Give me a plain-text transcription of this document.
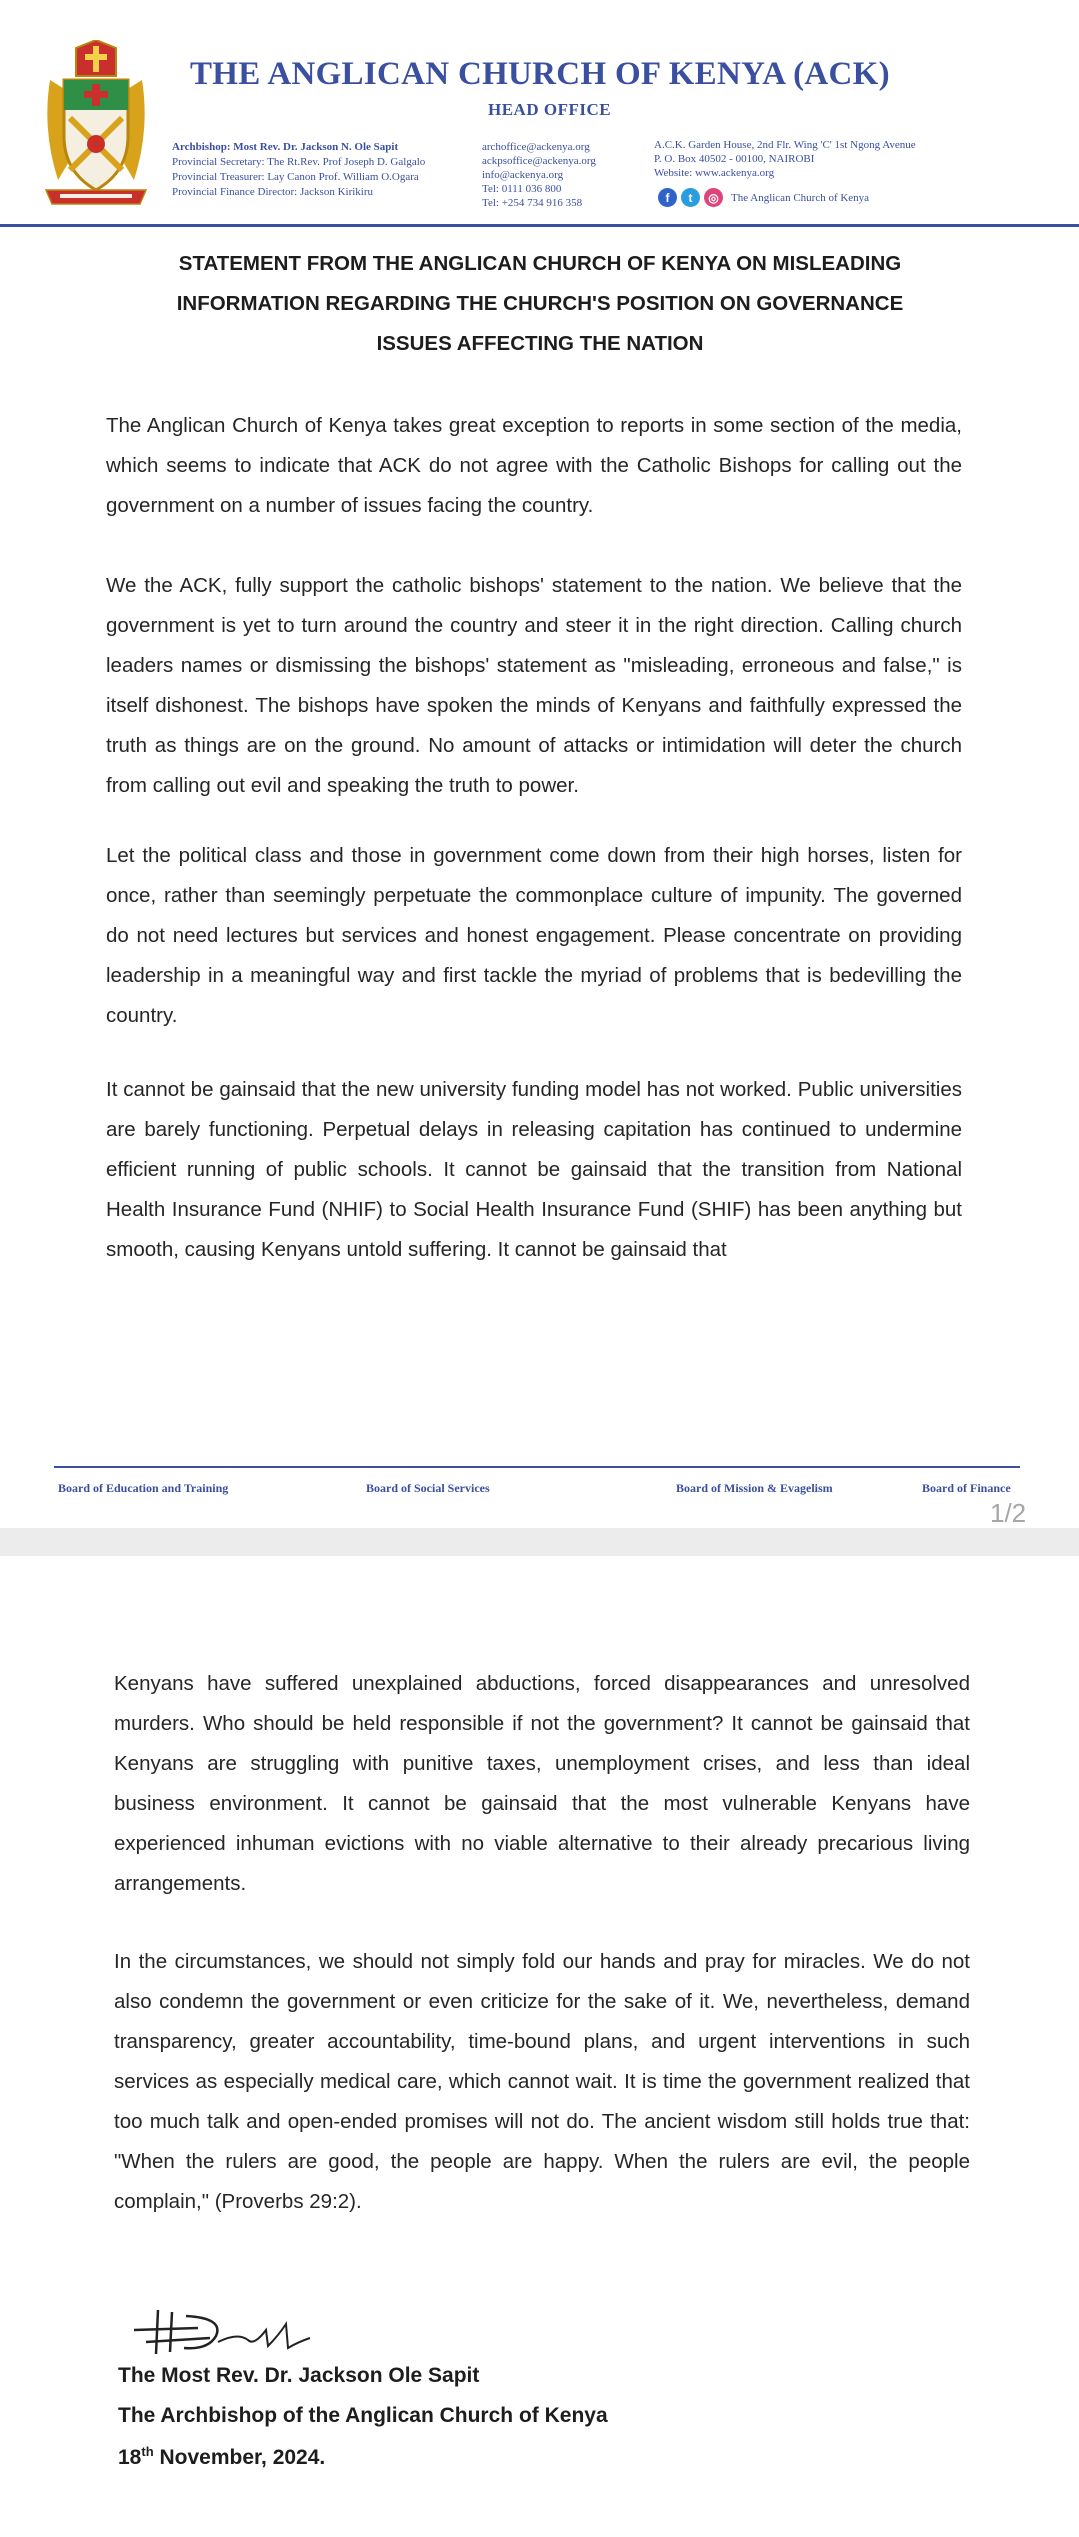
THE ANGLICAN CHURCH OF KENYA (ACK)
HEAD OFFICE
Archbishop: Most Rev. Dr. Jackson N. Ole Sapit
Provincial Secretary: The Rt.Rev. Prof Joseph D. Galgalo
Provincial Treasurer: Lay Canon Prof. William O.Ogara
Provincial Finance Director: Jackson Kirikiru
archoffice@ackenya.org
ackpsoffice@ackenya.org
info@ackenya.org
Tel: 0111 036 800
Tel: +254 734 916 358
A.C.K. Garden House, 2nd Flr. Wing 'C' 1st Ngong Avenue
P. O. Box 40502 - 00100, NAIROBI
Website: www.ackenya.org
f	t	◎	The Anglican Church of Kenya
STATEMENT FROM THE ANGLICAN CHURCH OF KENYA ON MISLEADING
INFORMATION REGARDING THE CHURCH'S POSITION ON GOVERNANCE
ISSUES AFFECTING THE NATION

The Anglican Church of Kenya takes great exception to reports in some section of the media, which seems to indicate that ACK do not agree with the Catholic Bishops for calling out the government on a number of issues facing the country.

We the ACK, fully support the catholic bishops' statement to the nation. We believe that the government is yet to turn around the country and steer it in the right direction. Calling church leaders names or dismissing the bishops' statement as "misleading, erroneous and false," is itself dishonest. The bishops have spoken the minds of Kenyans and faithfully expressed the truth as things are on the ground. No amount of attacks or intimidation will deter the church from calling out evil and speaking the truth to power.

Let the political class and those in government come down from their high horses, listen for once, rather than seemingly perpetuate the commonplace culture of impunity. The governed do not need lectures but services and honest engagement. Please concentrate on providing leadership in a meaningful way and first tackle the myriad of problems that is bedevilling the country.

It cannot be gainsaid that the new university funding model has not worked. Public universities are barely functioning. Perpetual delays in releasing capitation has continued to undermine efficient running of public schools. It cannot be gainsaid that the transition from National Health Insurance Fund (NHIF) to Social Health Insurance Fund (SHIF) has been anything but smooth, causing Kenyans untold suffering. It cannot be gainsaid that

Board of Education and Training	Board of Social Services	Board of Mission & Evagelism	Board of Finance
1/2

Kenyans have suffered unexplained abductions, forced disappearances and unresolved murders. Who should be held responsible if not the government? It cannot be gainsaid that Kenyans are struggling with punitive taxes, unemployment crises, and less than ideal business environment. It cannot be gainsaid that the most vulnerable Kenyans have experienced inhuman evictions with no viable alternative to their already precarious living arrangements.

In the circumstances, we should not simply fold our hands and pray for miracles. We do not also condemn the government or even criticize for the sake of it. We, nevertheless, demand transparency, greater accountability, time-bound plans, and urgent interventions in such services as especially medical care, which cannot wait. It is time the government realized that too much talk and open-ended promises will not do. The ancient wisdom still holds true that: "When the rulers are good, the people are happy. When the rulers are evil, the people complain," (Proverbs 29:2).

The Most Rev. Dr. Jackson Ole Sapit
The Archbishop of the Anglican Church of Kenya
18th November, 2024.
